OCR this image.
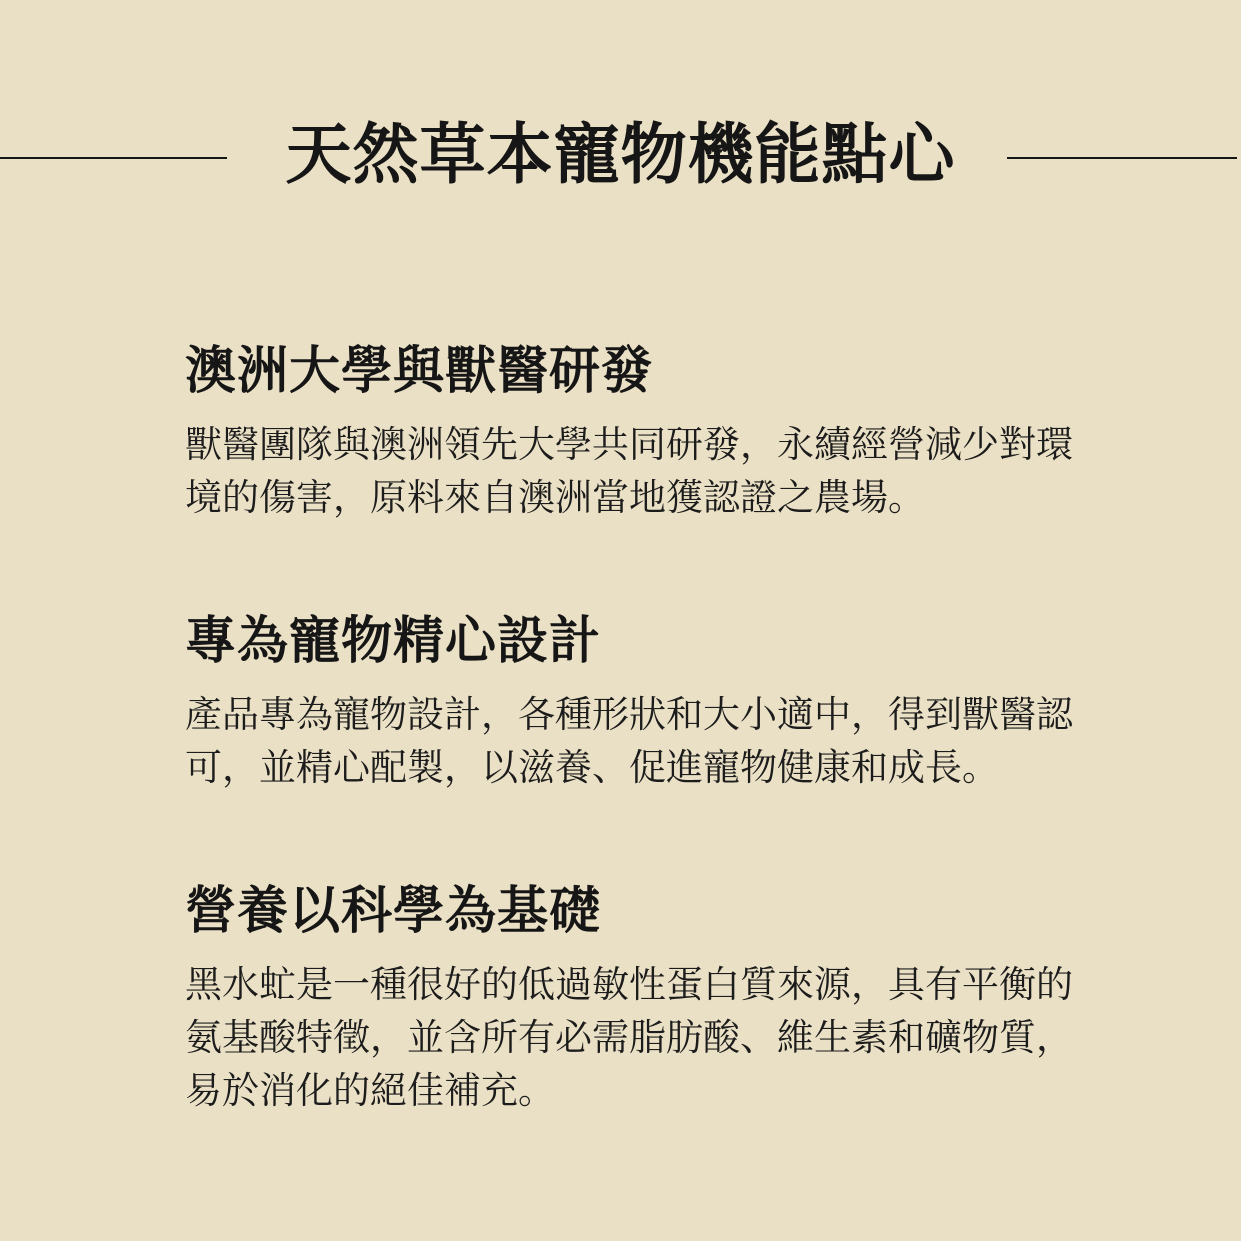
天然草本寵物機能點心
澳洲大學與獸醫研發
獸醫團隊與澳洲領先大學共同研發，永續經營減少對環
境的傷害，原料來自澳洲當地獲認證之農場。
專為寵物精心設計
產品專為寵物設計，各種形狀和大小適中，得到獸醫認
可，並精心配製，以滋養、促進寵物健康和成長。
營養以科學為基礎
黑水虻是一種很好的低過敏性蛋白質來源，具有平衡的
氨基酸特徵，並含所有必需脂肪酸、維生素和礦物質，
易於消化的絕佳補充。
